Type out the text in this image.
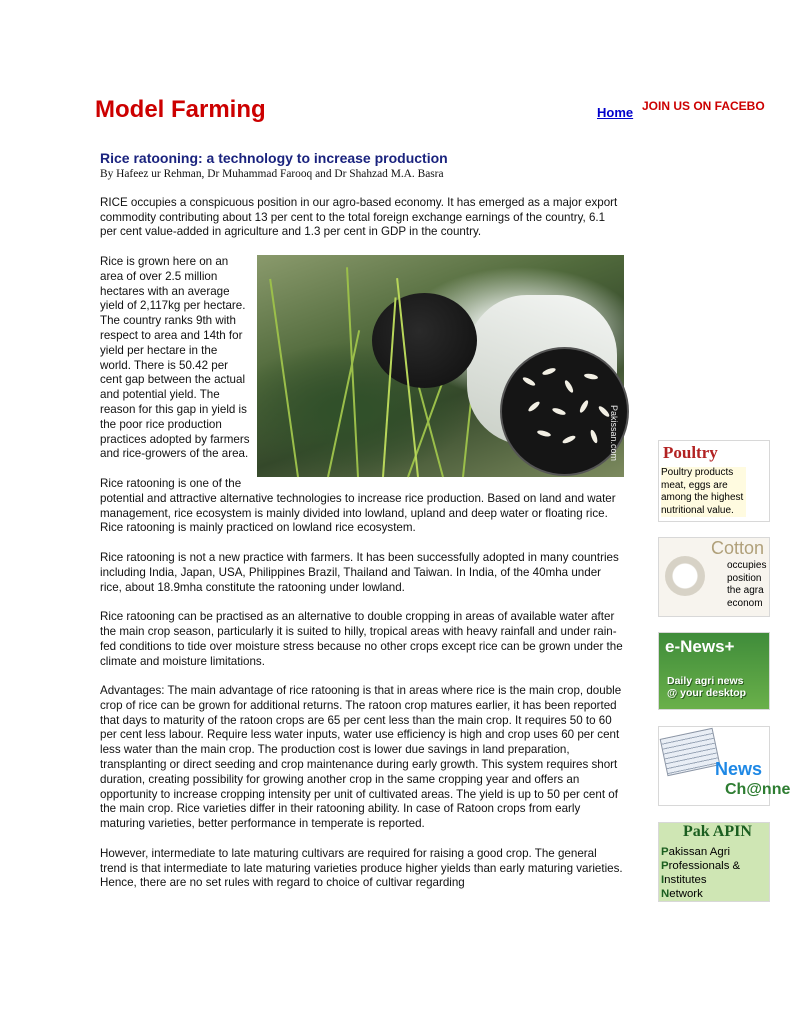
Model Farming	Home JOIN US ON FACEBO
Rice ratooning: a technology to increase production

By Hafeez ur Rehman, Dr Muhammad Farooq and Dr Shahzad M.A. Basra

RICE occupies a conspicuous position in our agro-based economy. It has emerged as a major export commodity contributing about 13 per cent to the total foreign exchange earnings of the country, 6.1 per cent value-added in agriculture and 1.3 per cent in GDP in the country.

Pakissan.com

Rice is grown here on an area of over 2.5 million hectares with an average yield of 2,117kg per hectare. The country ranks 9th with respect to area and 14th for yield per hectare in the world. There is 50.42 per cent gap between the actual and potential yield. The reason for this gap in yield is the poor rice production practices adopted by farmers and rice-growers of the area.

Rice ratooning is one of the potential and attractive alternative technologies to increase rice production. Based on land and water management, rice ecosystem is mainly divided into lowland, upland and deep water or floating rice. Rice ratooning is mainly practiced on lowland rice ecosystem.

Rice ratooning is not a new practice with farmers. It has been successfully adopted in many countries including India, Japan, USA, Philippines Brazil, Thailand and Taiwan. In India, of the 40mha under rice, about 18.9mha constitute the ratooning under lowland.

Rice ratooning can be practised as an alternative to double cropping in areas of available water after the main crop season, particularly it is suited to hilly, tropical areas with heavy rainfall and under rain-fed conditions to tide over moisture stress because no other crops except rice can be grown under the climate and moisture limitations.

Advantages: The main advantage of rice ratooning is that in areas where rice is the main crop, double crop of rice can be grown for additional returns. The ratoon crop matures earlier, it has been reported that days to maturity of the ratoon crops are 65 per cent less than the main crop. It requires 50 to 60 per cent less labour. Require less water inputs, water use efficiency is high and crop uses 60 per cent less water than the main crop. The production cost is lower due savings in land preparation, transplanting or direct seeding and crop maintenance during early growth. This system requires short duration, creating possibility for growing another crop in the same cropping year and offers an opportunity to increase cropping intensity per unit of cultivated areas. The yield is up to 50 per cent of the main crop. Rice varieties differ in their ratooning ability. In case of Ratoon crops from early maturing varieties, better performance in temperate is reported.

However, intermediate to late maturing cultivars are required for raising a good crop. The general trend is that intermediate to late maturing varieties produce higher yields than early maturing varieties. Hence, there are no set rules with regard to choice of cultivar regarding

Poultry
Poultry products meat, eggs are among the highest nutritional value.
Cotton
occupies
position
the agra
econom
e-News+
Daily agri news
@ your desktop
News
Ch@nne
Pak APIN
Pakissan Agri
Professionals &
Institutes
Network
